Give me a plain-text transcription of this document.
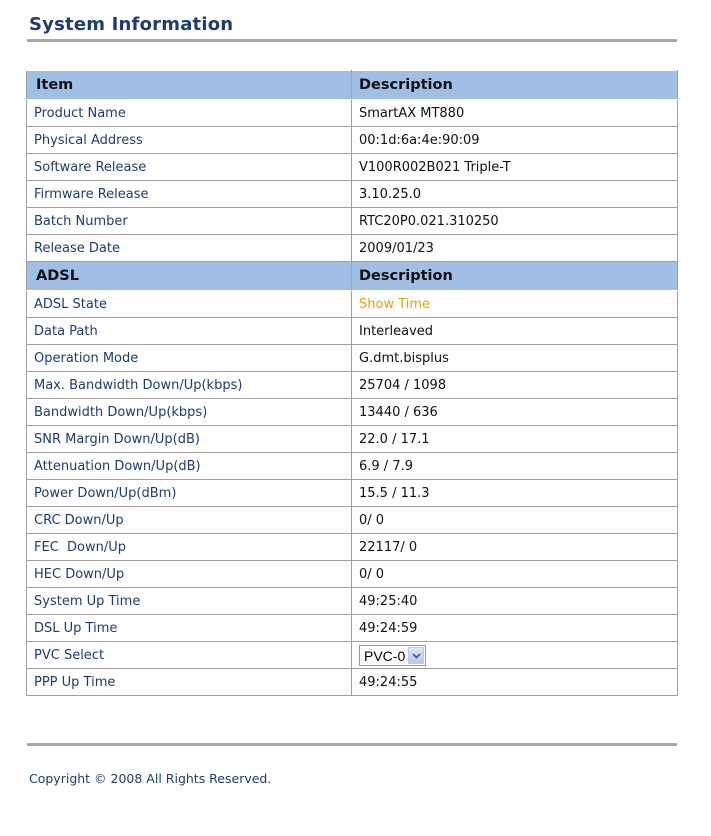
System Information
Item	Description
Product Name	SmartAX MT880
Physical Address	00:1d:6a:4e:90:09
Software Release	V100R002B021 Triple-T
Firmware Release	3.10.25.0
Batch Number	RTC20P0.021.310250
Release Date	2009/01/23
ADSL	Description
ADSL State	Show Time
Data Path	Interleaved
Operation Mode	G.dmt.bisplus
Max. Bandwidth Down/Up(kbps)	25704 / 1098
Bandwidth Down/Up(kbps)	13440 / 636
SNR Margin Down/Up(dB)	22.0 / 17.1
Attenuation Down/Up(dB)	6.9 / 7.9
Power Down/Up(dBm)	15.5 / 11.3
CRC Down/Up	0/ 0
FEC  Down/Up	22117/ 0
HEC Down/Up	0/ 0
System Up Time	49:25:40
DSL Up Time	49:24:59
PVC Select	PVC-0

PPP Up Time	49:24:55
Copyright © 2008 All Rights Reserved.
